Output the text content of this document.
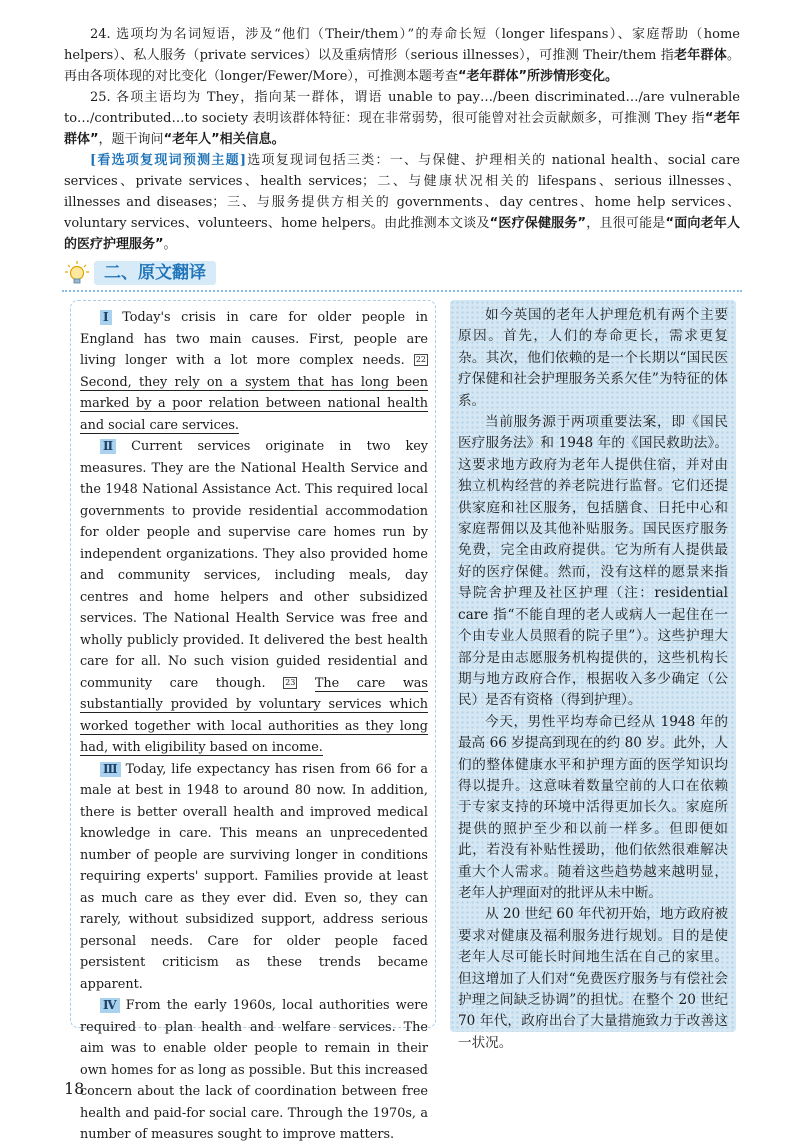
24. 选项均为名词短语，涉及“他们（Their/them）”的寿命长短（longer lifespans）、家庭帮助（home helpers）、私人服务（private services）以及重病情形（serious illnesses），可推测 Their/them 指老年群体。再由各项体现的对比变化（longer/Fewer/More），可推测本题考查“老年群体”所涉情形变化。

25. 各项主语均为 They，指向某一群体，谓语 unable to pay…/been discriminated…/are vulnerable to…/contributed…to society 表明该群体特征：现在非常弱势，很可能曾对社会贡献颇多，可推测 They 指“老年群体”，题干询问“老年人”相关信息。

[看选项复现词预测主题]选项复现词包括三类：一、与保健、护理相关的 national health、social care services、private services、health services；二、与健康状况相关的 lifespans、serious illnesses、illnesses and diseases；三、与服务提供方相关的 governments、day centres、home help services、voluntary services、volunteers、home helpers。由此推测本文谈及“医疗保健服务”，且很可能是“面向老年人的医疗护理服务”。

二、原文翻译

Ⅰ Today's crisis in care for older people in England has two main causes. First, people are living longer with a lot more complex needs. 22 Second, they rely on a system that has long been marked by a poor relation between national health and social care services.

Ⅱ Current services originate in two key measures. They are the National Health Service and the 1948 National Assistance Act. This required local governments to provide residential accommodation for older people and supervise care homes run by independent organizations. They also provided home and community services, including meals, day centres and home helpers and other subsidized services. The National Health Service was free and wholly publicly provided. It delivered the best health care for all. No such vision guided residential and community care though. 23 The care was substantially provided by voluntary services which worked together with local authorities as they long had, with eligibility based on income.

Ⅲ Today, life expectancy has risen from 66 for a male at best in 1948 to around 80 now. In addition, there is better overall health and improved medical knowledge in care. This means an unprecedented number of people are surviving longer in conditions requiring experts' support. Families provide at least as much care as they ever did. Even so, they can rarely, without subsidized support, address serious personal needs. Care for older people faced persistent criticism as these trends became apparent.

Ⅳ From the early 1960s, local authorities were required to plan health and welfare services. The aim was to enable older people to remain in their own homes for as long as possible. But this increased concern about the lack of coordination between free health and paid-for social care. Through the 1970s, a number of measures sought to improve matters.

如今英国的老年人护理危机有两个主要原因。首先，人们的寿命更长，需求更复杂。其次，他们依赖的是一个长期以“国民医疗保健和社会护理服务关系欠佳”为特征的体系。

当前服务源于两项重要法案，即《国民医疗服务法》和 1948 年的《国民救助法》。这要求地方政府为老年人提供住宿，并对由独立机构经营的养老院进行监督。它们还提供家庭和社区服务，包括膳食、日托中心和家庭帮佣以及其他补贴服务。国民医疗服务免费，完全由政府提供。它为所有人提供最好的医疗保健。然而，没有这样的愿景来指导院舍护理及社区护理（注：residential care 指“不能自理的老人或病人一起住在一个由专业人员照看的院子里”）。这些护理大部分是由志愿服务机构提供的，这些机构长期与地方政府合作，根据收入多少确定（公民）是否有资格（得到护理）。

今天，男性平均寿命已经从 1948 年的最高 66 岁提高到现在的约 80 岁。此外，人们的整体健康水平和护理方面的医学知识均得以提升。这意味着数量空前的人口在依赖于专家支持的环境中活得更加长久。家庭所提供的照护至少和以前一样多。但即便如此，若没有补贴性援助，他们依然很难解决重大个人需求。随着这些趋势越来越明显，老年人护理面对的批评从未中断。

从 20 世纪 60 年代初开始，地方政府被要求对健康及福利服务进行规划。目的是使老年人尽可能长时间地生活在自己的家里。但这增加了人们对“免费医疗服务与有偿社会护理之间缺乏协调”的担忧。在整个 20 世纪 70 年代，政府出台了大量措施致力于改善这一状况。

18
